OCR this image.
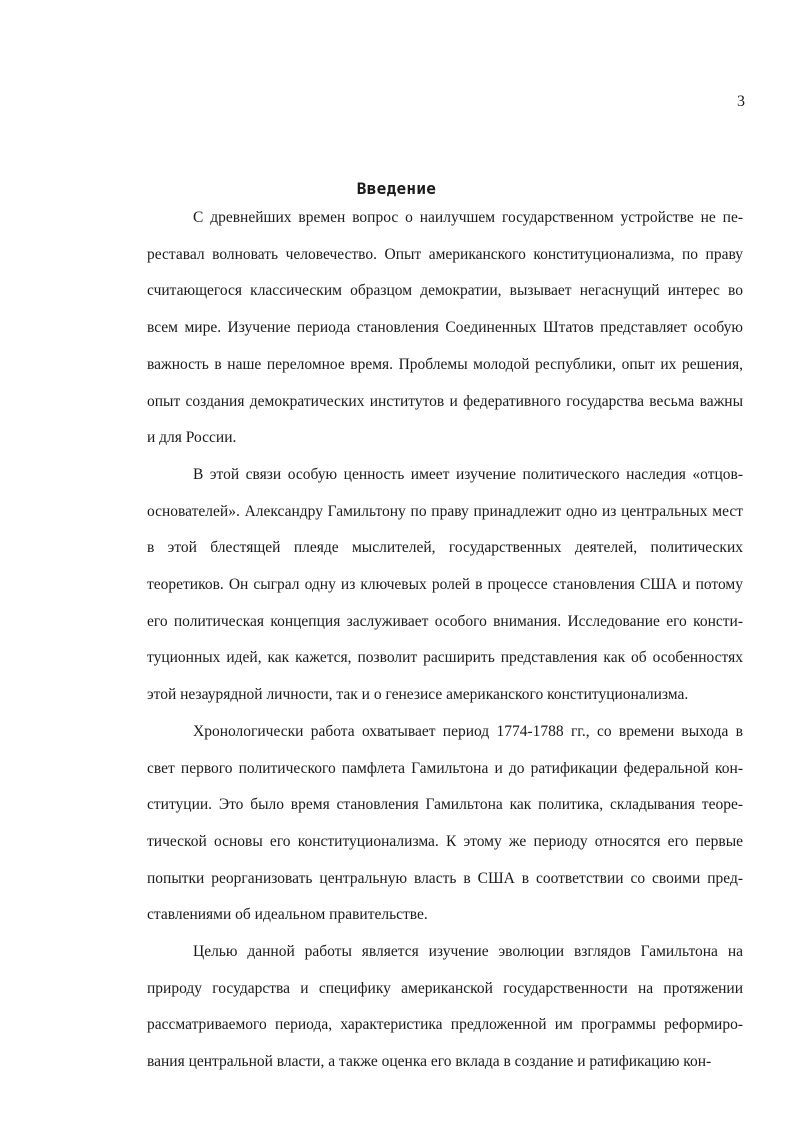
3
Введение

С древнейших времен вопрос о наилучшем государственном устройстве не переставал волновать человечество. Опыт американского конституционализма, по праву считающегося классическим образцом демократии, вызывает негаснущий интерес во всем мире. Изучение периода становления Соединенных Штатов представляет особую важность в наше переломное время. Проблемы молодой республики, опыт их решения, опыт создания демократических институтов и федеративного государства весьма важны и для России.

В этой связи особую ценность имеет изучение политического наследия «отцов-основателей». Александру Гамильтону по праву принадлежит одно из центральных мест в этой блестящей плеяде мыслителей, государственных деятелей, политических теоретиков. Он сыграл одну из ключевых ролей в процессе становления США и потому его политическая концепция заслуживает особого внимания. Исследование его конституционных идей, как кажется, позволит расширить представления как об особенностях этой незаурядной личности, так и о генезисе американского конституционализма.

Хронологически работа охватывает период 1774-1788 гг., со времени выхода в свет первого политического памфлета Гамильтона и до ратификации федеральной конституции. Это было время становления Гамильтона как политика, складывания теоретической основы его конституционализма. К этому же периоду относятся его первые попытки реорганизовать центральную власть в США в соответствии со своими представлениями об идеальном правительстве.

Целью данной работы является изучение эволюции взглядов Гамильтона на природу государства и специфику американской государственности на протяжении рассматриваемого периода, характеристика предложенной им программы реформирования центральной власти, а также оценка его вклада в создание и ратификацию кон-
